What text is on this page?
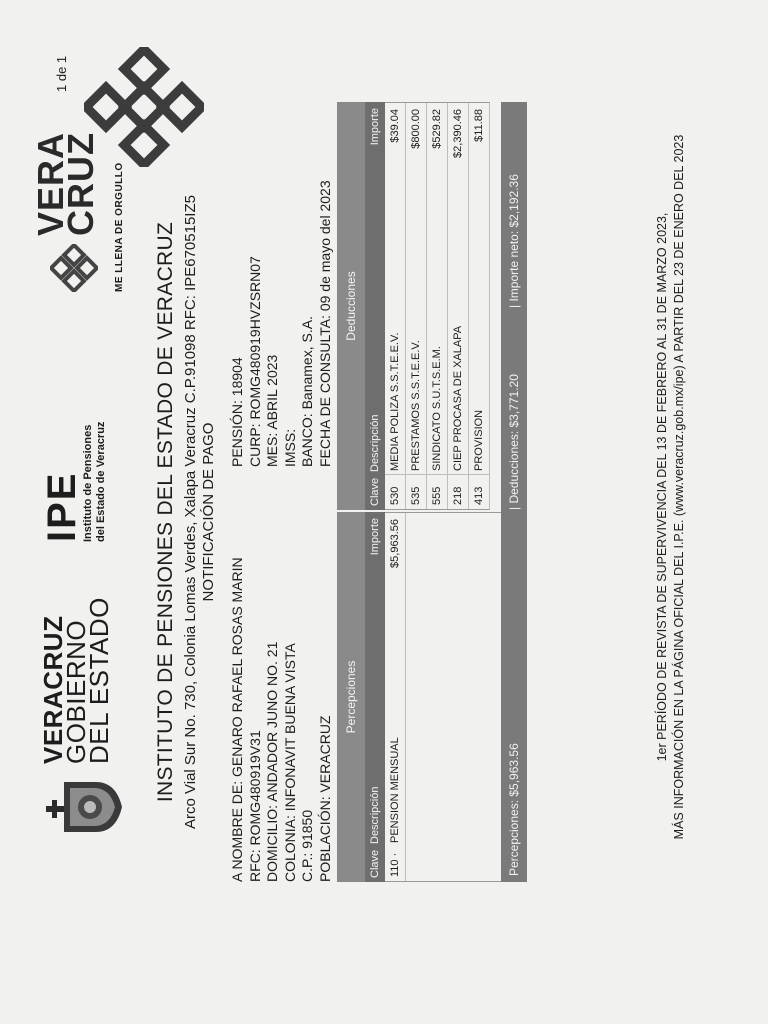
VERACRUZ
GOBIERNO
DEL ESTADO
IPE
Instituto de Pensiones del Estado de Veracruz
VERA
CRUZ ME LLENA DE ORGULLO
1 de 1
INSTITUTO DE PENSIONES DEL ESTADO DE VERACRUZ Arco Vial Sur No. 730, Colonia Lomas Verdes, Xalapa Veracruz C.P.91098 RFC: IPE670515IZ5 NOTIFICACIÓN DE PAGO
A NOMBRE DE: GENARO RAFAEL ROSAS MARIN RFC: ROMG480919V31 DOMICILIO: ANDADOR JUNO NO. 21 COLONIA: INFONAVIT BUENA VISTA C.P.: 91850 POBLACIÓN: VERACRUZ
PENSIÓN: 18904 CURP: ROMG480919HVZSRN07 MES: ABRIL 2023 IMSS: BANCO: Banamex, S.A. FECHA DE CONSULTA: 09 de mayo del 2023
Percepciones
Clave
Descripción
Importe
110 ·
PENSION MENSUAL
$5,963.56
Deducciones
Clave
Descripción
Importe
530
MEDIA POLIZA S.S.T.E.E.V.
$39.04
535
PRESTAMOS S.S.T.E.E.V.
$800.00
555
SINDICATO S.U.T.S.E.M.
$529.82
218
CIEP PROCASA DE XALAPA
$2,390.46
413
PROVISION
$11.88
Percepciones: $5,963.56
| Deducciones: $3,771.20
| Importe neto: $2,192.36	1er PERÍODO DE REVISTA DE SUPERVIVENCIA DEL 13 DE FEBRERO AL 31 DE MARZO 2023, MÁS INFORMACIÓN EN LA PÁGINA OFICIAL DEL I.P.E. (www.veracruz.gob.mx/ipe) A PARTIR DEL 23 DE ENERO DEL 2023
